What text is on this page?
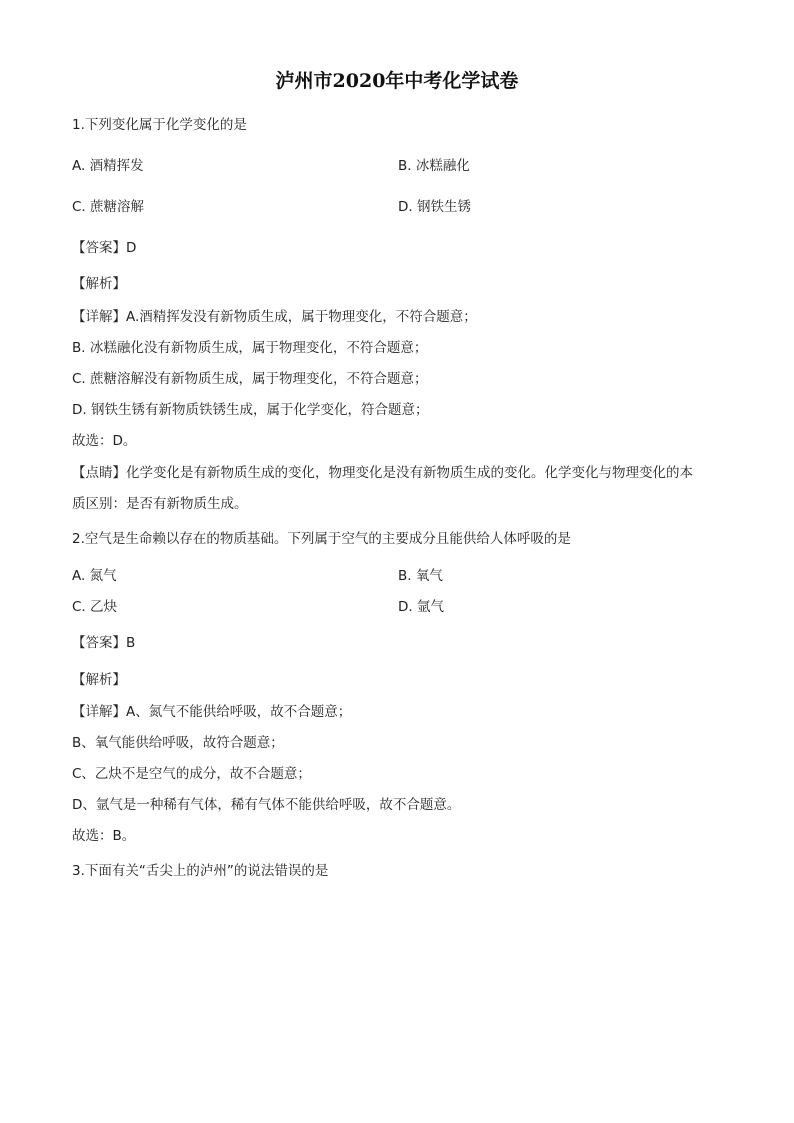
泸州市2020年中考化学试卷
1.下列变化属于化学变化的是
A. 酒精挥发	B. 冰糕融化
C. 蔗糖溶解	D. 钢铁生锈
【答案】D
【解析】
【详解】A.酒精挥发没有新物质生成，属于物理变化，不符合题意；
B. 冰糕融化没有新物质生成，属于物理变化，不符合题意；
C. 蔗糖溶解没有新物质生成，属于物理变化，不符合题意；
D. 钢铁生锈有新物质铁锈生成，属于化学变化，符合题意；
故选：D。
【点睛】化学变化是有新物质生成的变化，物理变化是没有新物质生成的变化。化学变化与物理变化的本
质区别：是否有新物质生成。
2.空气是生命赖以存在的物质基础。下列属于空气的主要成分且能供给人体呼吸的是
A. 氮气	B. 氧气
C. 乙炔	D. 氩气
【答案】B
【解析】
【详解】A、氮气不能供给呼吸，故不合题意；
B、氧气能供给呼吸，故符合题意；
C、乙炔不是空气的成分，故不合题意；
D、氩气是一种稀有气体，稀有气体不能供给呼吸，故不合题意。
故选：B。
3.下面有关“舌尖上的泸州”的说法错误的是
